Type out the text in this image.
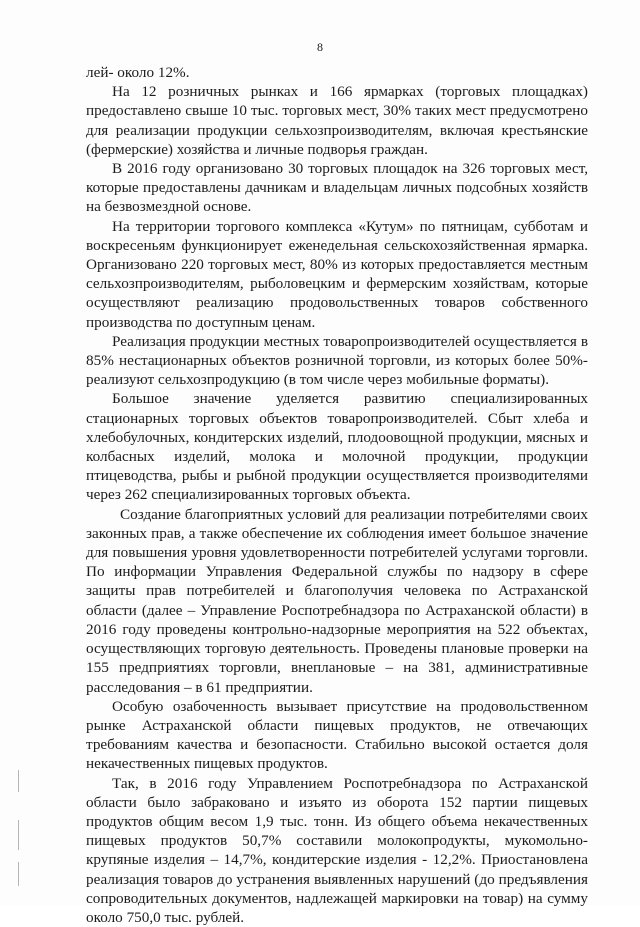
8

лей- около 12%.

На 12 розничных рынках и 166 ярмарках (торговых площадках) предоставлено свыше 10 тыс. торговых мест, 30% таких мест предусмотрено для реализации продукции сельхозпроизводителям, включая крестьянские (фермерские) хозяйства и личные подворья граждан.

В 2016 году организовано 30 торговых площадок на 326 торговых мест, которые предоставлены дачникам и владельцам личных подсобных хозяйств на безвозмездной основе.

На территории торгового комплекса «Кутум» по пятницам, субботам и воскресеньям функционирует еженедельная сельскохозяйственная ярмарка. Организовано 220 торговых мест, 80% из которых предоставляется местным сельхозпроизводителям, рыболовецким и фермерским хозяйствам, которые осуществляют реализацию продовольственных товаров собственного производства по доступным ценам.

Реализация продукции местных товаропроизводителей осуществляется в 85% нестационарных объектов розничной торговли, из которых более 50%-реализуют сельхозпродукцию (в том числе через мобильные форматы).

Большое значение уделяется развитию специализированных стационарных торговых объектов товаропроизводителей. Сбыт хлеба и хлебобулочных, кондитерских изделий, плодоовощной продукции, мясных и колбасных изделий, молока и молочной продукции, продукции птицеводства, рыбы и рыбной продукции осуществляется производителями через 262 специализированных торговых объекта.

Создание благоприятных условий для реализации потребителями своих законных прав, а также обеспечение их соблюдения имеет большое значение для повышения уровня удовлетворенности потребителей услугами торговли. По информации Управления Федеральной службы по надзору в сфере защиты прав потребителей и благополучия человека по Астраханской области (далее – Управление Роспотребнадзора по Астраханской области) в 2016 году проведены контрольно-надзорные мероприятия на 522 объектах, осуществляющих торговую деятельность. Проведены плановые проверки на 155 предприятиях торговли, внеплановые – на 381, административные расследования – в 61 предприятии.

Особую озабоченность вызывает присутствие на продовольственном рынке Астраханской области пищевых продуктов, не отвечающих требованиям качества и безопасности. Стабильно высокой остается доля некачественных пищевых продуктов.

Так, в 2016 году Управлением Роспотребнадзора по Астраханской области было забраковано и изъято из оборота 152 партии пищевых продуктов общим весом 1,9 тыс. тонн. Из общего объема некачественных пищевых продуктов 50,7% составили молокопродукты, мукомольно-крупяные изделия – 14,7%, кондитерские изделия - 12,2%. Приостановлена реализация товаров до устранения выявленных нарушений (до предъявления сопроводительных документов, надлежащей маркировки на товар) на сумму около 750,0 тыс. рублей.
